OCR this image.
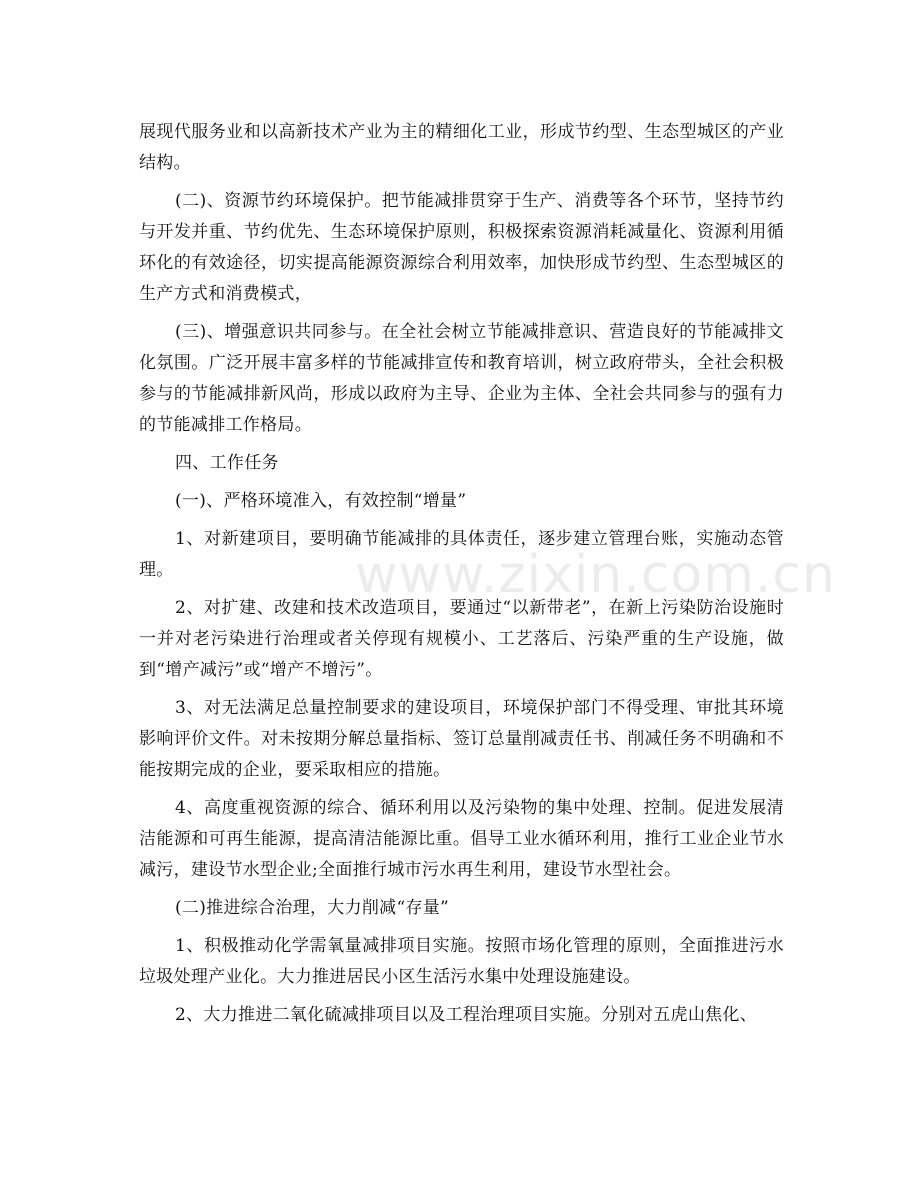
www.zixin.com.cn

展现代服务业和以高新技术产业为主的精细化工业，形成节约型、生态型城区的产业结构。

(二)、资源节约环境保护。把节能减排贯穿于生产、消费等各个环节，坚持节约与开发并重、节约优先、生态环境保护原则，积极探索资源消耗减量化、资源利用循环化的有效途径，切实提高能源资源综合利用效率，加快形成节约型、生态型城区的生产方式和消费模式，

(三)、增强意识共同参与。在全社会树立节能减排意识、营造良好的节能减排文化氛围。广泛开展丰富多样的节能减排宣传和教育培训，树立政府带头，全社会积极参与的节能减排新风尚，形成以政府为主导、企业为主体、全社会共同参与的强有力的节能减排工作格局。

四、工作任务

(一)、严格环境准入，有效控制“增量”

1、对新建项目，要明确节能减排的具体责任，逐步建立管理台账，实施动态管理。

2、对扩建、改建和技术改造项目，要通过“以新带老”，在新上污染防治设施时一并对老污染进行治理或者关停现有规模小、工艺落后、污染严重的生产设施，做到“增产减污”或“增产不增污”。

3、对无法满足总量控制要求的建设项目，环境保护部门不得受理、审批其环境影响评价文件。对未按期分解总量指标、签订总量削减责任书、削减任务不明确和不能按期完成的企业，要采取相应的措施。

4、高度重视资源的综合、循环利用以及污染物的集中处理、控制。促进发展清洁能源和可再生能源，提高清洁能源比重。倡导工业水循环利用，推行工业企业节水减污，建设节水型企业;全面推行城市污水再生利用，建设节水型社会。

(二)推进综合治理，大力削减“存量”

1、积极推动化学需氧量减排项目实施。按照市场化管理的原则，全面推进污水垃圾处理产业化。大力推进居民小区生活污水集中处理设施建设。

2、大力推进二氧化硫减排项目以及工程治理项目实施。分别对五虎山焦化、
